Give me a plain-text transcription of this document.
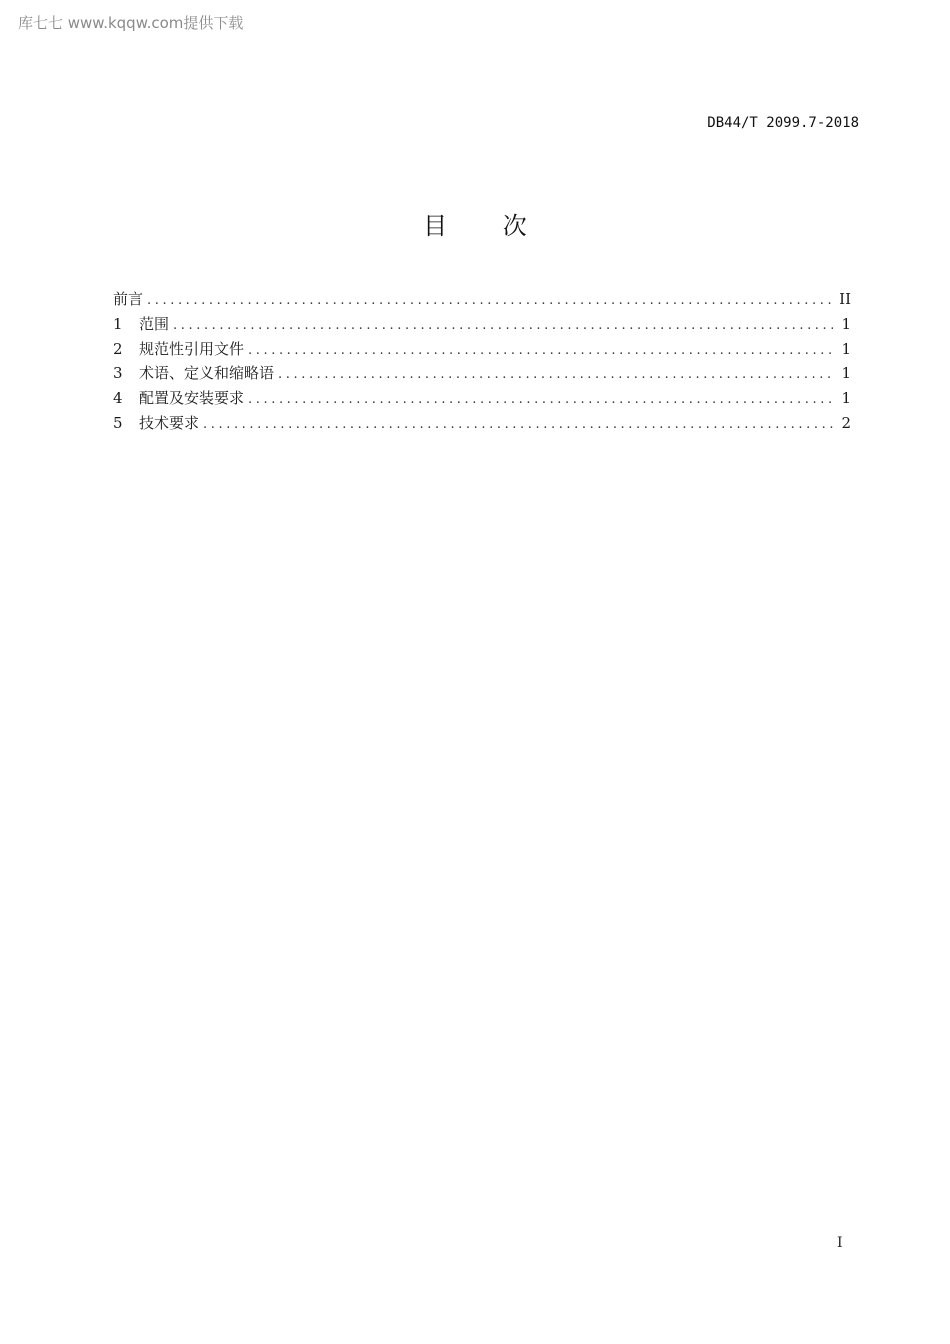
库七七 www.kqqw.com提供下载
DB44/T 2099.7-2018
目 次
前言 .....	II
1	范围 .....	1
2	规范性引用文件 .....	1
3	术语、定义和缩略语 .....	1
4	配置及安装要求 .....	1
5	技术要求 .....	2
I
